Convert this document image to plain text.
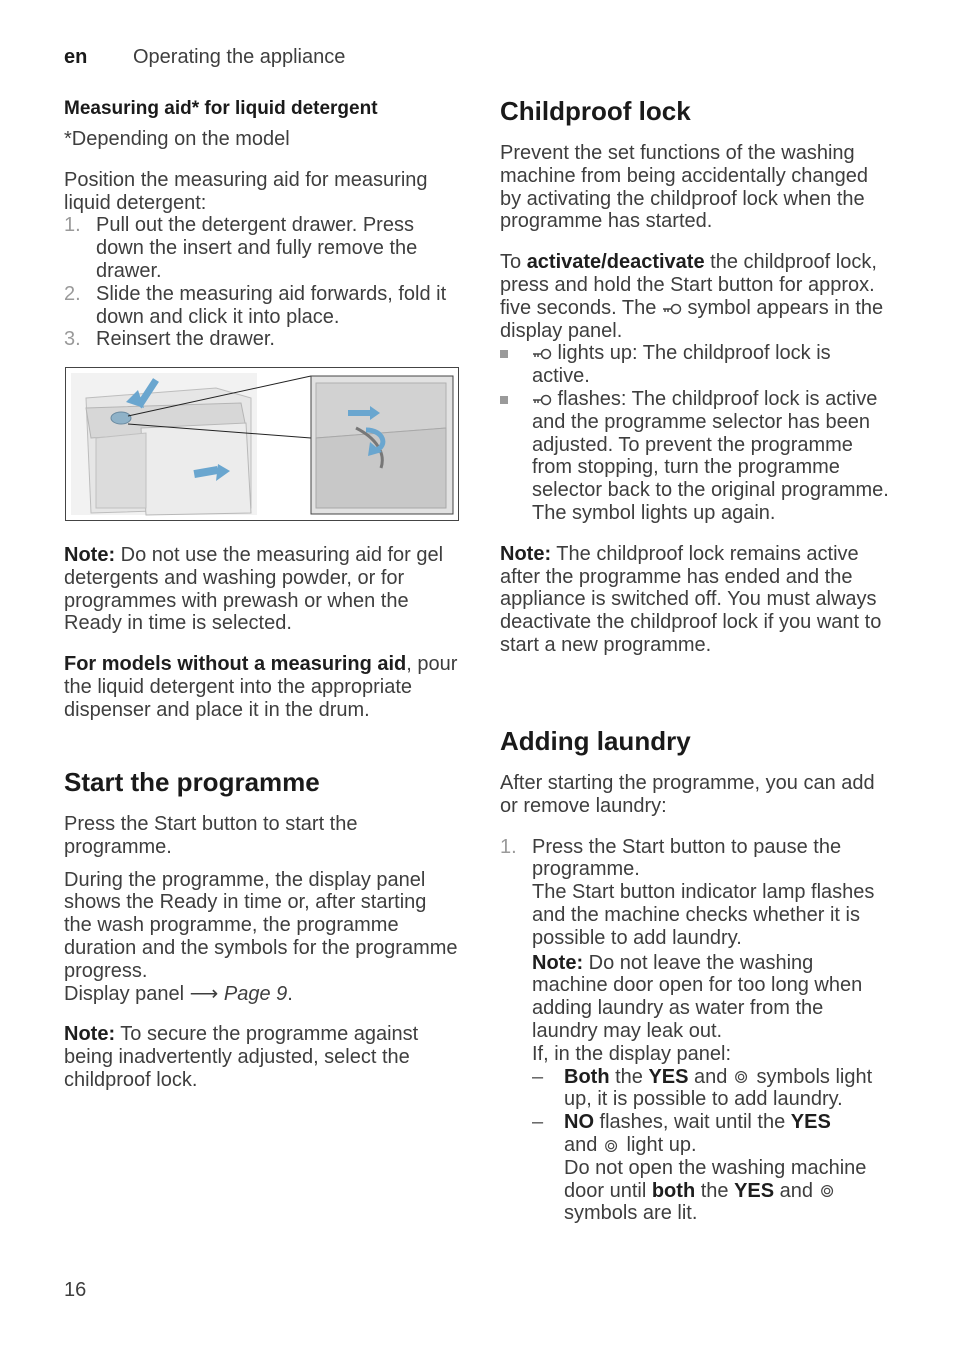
en Operating the appliance
Measuring aid* for liquid detergent

*Depending on the model

Position the measuring aid for measuring liquid detergent:

1. Pull out the detergent drawer. Press down the insert and fully remove the drawer.
2. Slide the measuring aid forwards, fold it down and click it into place.
3. Reinsert the drawer.

Note: Do not use the measuring aid for gel detergents and washing powder, or for programmes with prewash or when the Ready in time is selected.

For models without a measuring aid, pour the liquid detergent into the appropriate dispenser and place it in the drum.

Start the programme

Press the Start button to start the programme.

During the programme, the display panel shows the Ready in time or, after starting the wash programme, the programme duration and the symbols for the programme progress.

Display panel ⟶ Page 9.

Note: To secure the programme against being inadvertently adjusted, select the childproof lock.

Childproof lock

Prevent the set functions of the washing machine from being accidentally changed by activating the childproof lock when the programme has started.

To activate/deactivate the childproof lock, press and hold the Start button for approx. five seconds. The  symbol appears in the display panel.

lights up: The childproof lock is active.
flashes: The childproof lock is active and the programme selector has been adjusted. To prevent the programme from stopping, turn the programme selector back to the original programme. The symbol lights up again.

Note: The childproof lock remains active after the programme has ended and the appliance is switched off. You must always deactivate the childproof lock if you want to start a new programme.

Adding laundry

After starting the programme, you can add or remove laundry:

1. Press the Start button to pause the programme.

The Start button indicator lamp flashes and the machine checks whether it is possible to add laundry.

Note: Do not leave the washing machine door open for too long when adding laundry as water from the laundry may leak out.

If, in the display panel:

– Both the YES and  symbols light up, it is possible to add laundry.
– NO flashes, wait until the YES
and  light up.

Do not open the washing machine door until both the YES and  symbols are lit.

16
